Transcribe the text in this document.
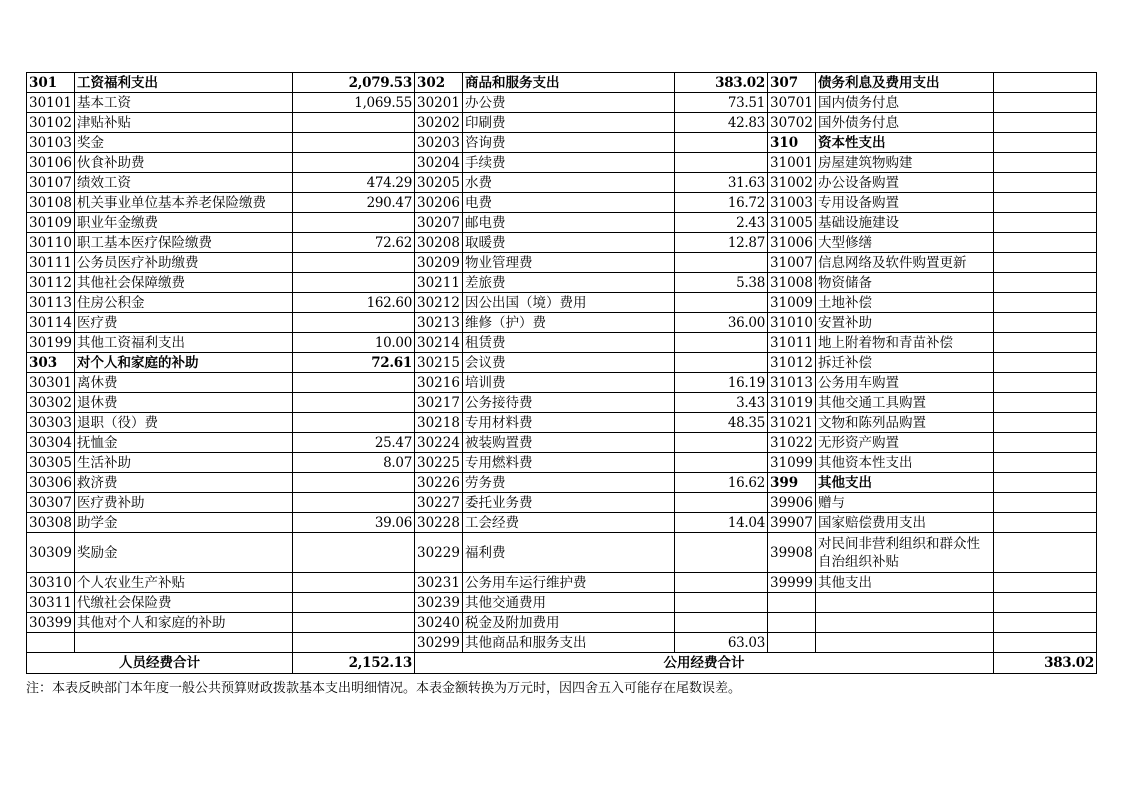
301	工资福利支出	2,079.53	302	商品和服务支出	383.02	307	债务利息及费用支出	
30101	基本工资	1,069.55	30201	办公费	73.51	30701	国内债务付息	
30102	津贴补贴		30202	印刷费	42.83	30702	国外债务付息	
30103	奖金		30203	咨询费		310	资本性支出	
30106	伙食补助费		30204	手续费		31001	房屋建筑物购建	
30107	绩效工资	474.29	30205	水费	31.63	31002	办公设备购置	
30108	机关事业单位基本养老保险缴费	290.47	30206	电费	16.72	31003	专用设备购置	
30109	职业年金缴费		30207	邮电费	2.43	31005	基础设施建设	
30110	职工基本医疗保险缴费	72.62	30208	取暖费	12.87	31006	大型修缮	
30111	公务员医疗补助缴费		30209	物业管理费		31007	信息网络及软件购置更新	
30112	其他社会保障缴费		30211	差旅费	5.38	31008	物资储备	
30113	住房公积金	162.60	30212	因公出国（境）费用		31009	土地补偿	
30114	医疗费		30213	维修（护）费	36.00	31010	安置补助	
30199	其他工资福利支出	10.00	30214	租赁费		31011	地上附着物和青苗补偿	
303	对个人和家庭的补助	72.61	30215	会议费		31012	拆迁补偿	
30301	离休费		30216	培训费	16.19	31013	公务用车购置	
30302	退休费		30217	公务接待费	3.43	31019	其他交通工具购置	
30303	退职（役）费		30218	专用材料费	48.35	31021	文物和陈列品购置	
30304	抚恤金	25.47	30224	被装购置费		31022	无形资产购置	
30305	生活补助	8.07	30225	专用燃料费		31099	其他资本性支出	
30306	救济费		30226	劳务费	16.62	399	其他支出	
30307	医疗费补助		30227	委托业务费		39906	赠与	
30308	助学金	39.06	30228	工会经费	14.04	39907	国家赔偿费用支出	
30309	奖励金		30229	福利费		39908	对民间非营利组织和群众性自治组织补贴	
30310	个人农业生产补贴		30231	公务用车运行维护费		39999	其他支出	
30311	代缴社会保险费		30239	其他交通费用				
30399	其他对个人和家庭的补助		30240	税金及附加费用				
			30299	其他商品和服务支出	63.03			
人员经费合计		2,152.13	公用经费合计					383.02
注：本表反映部门本年度一般公共预算财政拨款基本支出明细情况。本表金额转换为万元时，因四舍五入可能存在尾数误差。
